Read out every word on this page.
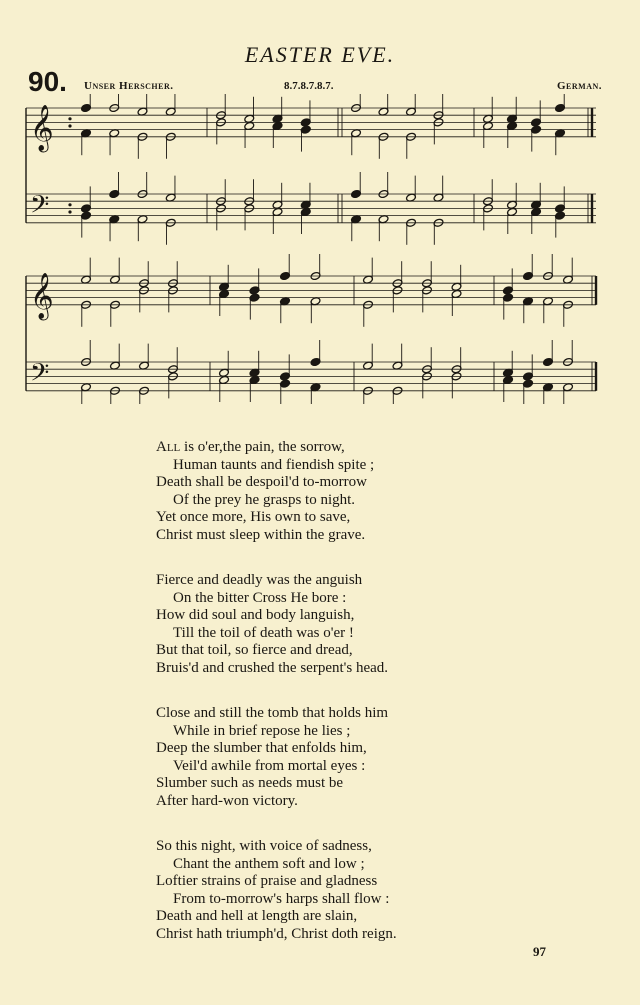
EASTER EVE.
90. Unser Herscher.	8.7.8.7.8.7.	German.
𝄞
𝄢
𝄞
𝄢
All is o'er,the pain, the sorrow,
Human taunts and fiendish spite ;
Death shall be despoil'd to-morrow
Of the prey he grasps to night.
Yet once more, His own to save,
Christ must sleep within the grave.
Fierce and deadly was the anguish
On the bitter Cross He bore :
How did soul and body languish,
Till the toil of death was o'er !
But that toil, so fierce and dread,
Bruis'd and crushed the serpent's head.
Close and still the tomb that holds him
While in brief repose he lies ;
Deep the slumber that enfolds him,
Veil'd awhile from mortal eyes :
Slumber such as needs must be
After hard-won victory.
So this night, with voice of sadness,
Chant the anthem soft and low ;
Loftier strains of praise and gladness
From to-morrow's harps shall flow :
Death and hell at length are slain,
Christ hath triumph'd, Christ doth reign.
97
